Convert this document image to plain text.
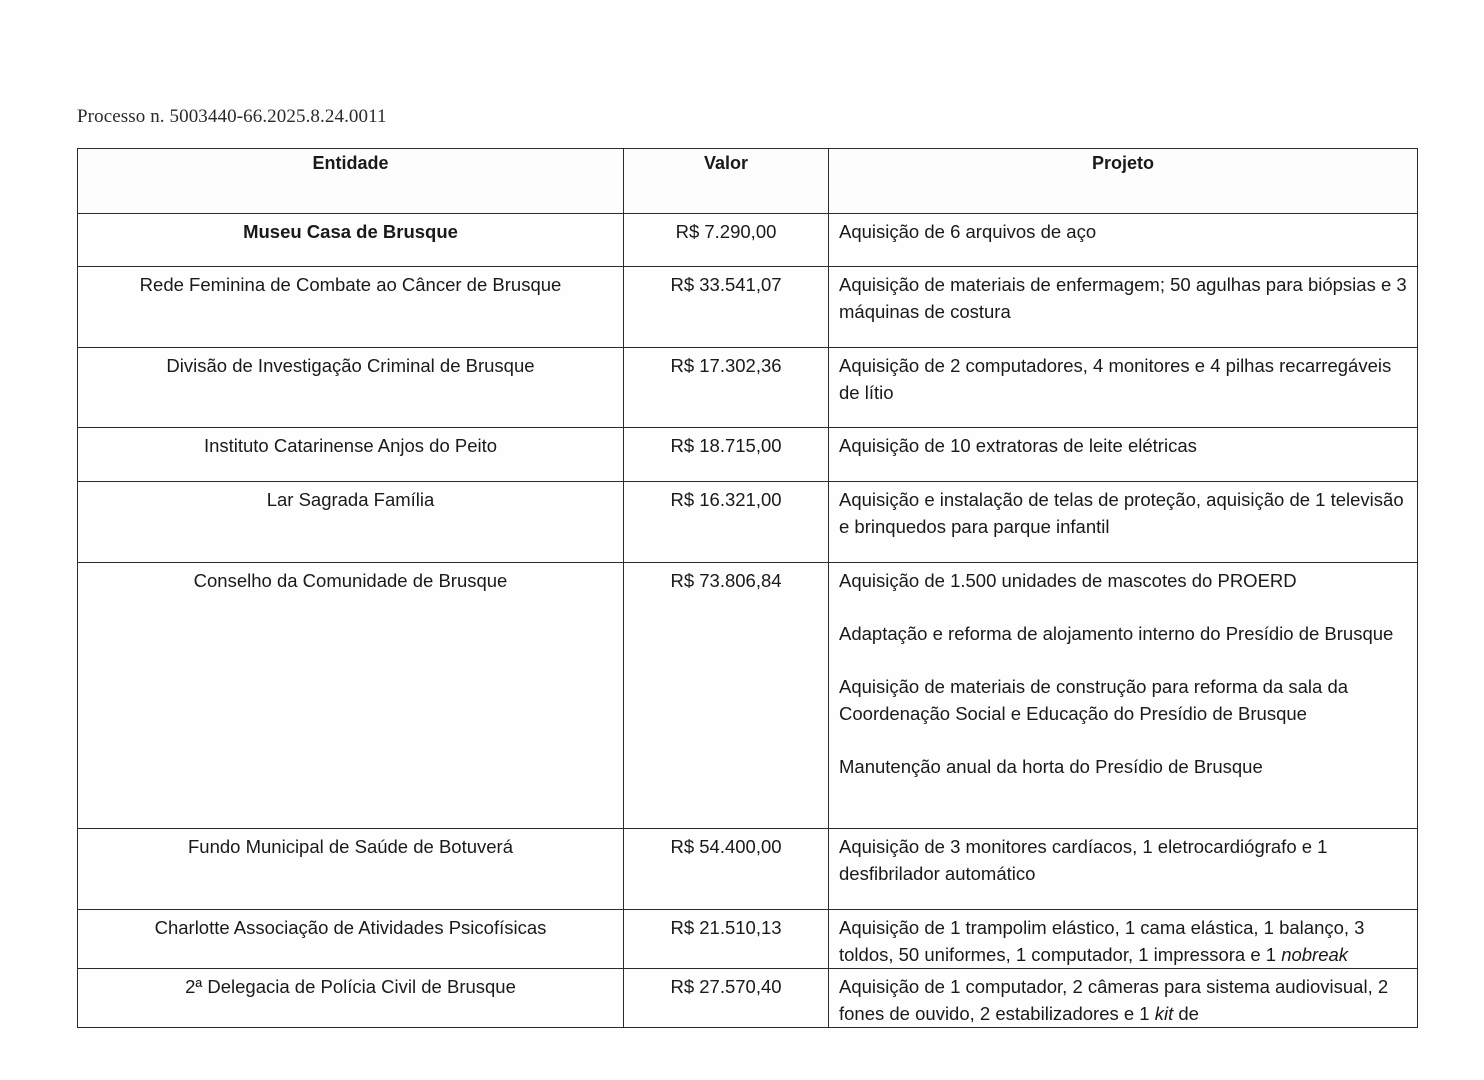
Processo n. 5003440-66.2025.8.24.0011
Entidade	Valor	Projeto

Museu Casa de Brusque	R$ 7.290,00	Aquisição de 6 arquivos de aço

Rede Feminina de Combate ao Câncer de Brusque	R$ 33.541,07	Aquisição de materiais de enfermagem; 50 agulhas para biópsias e 3 máquinas de costura

Divisão de Investigação Criminal de Brusque	R$ 17.302,36	Aquisição de 2 computadores, 4 monitores e 4 pilhas recarregáveis de lítio

Instituto Catarinense Anjos do Peito	R$ 18.715,00	Aquisição de 10 extratoras de leite elétricas

Lar Sagrada Família	R$ 16.321,00	Aquisição e instalação de telas de proteção, aquisição de 1 televisão e brinquedos para parque infantil

Conselho da Comunidade de Brusque	R$ 73.806,84	Aquisição de 1.500 unidades de mascotes do PROERD
Adaptação e reforma de alojamento interno do Presídio de Brusque
Aquisição de materiais de construção para reforma da sala da Coordenação Social e Educação do Presídio de Brusque
Manutenção anual da horta do Presídio de Brusque

Fundo Municipal de Saúde de Botuverá	R$ 54.400,00	Aquisição de 3 monitores cardíacos, 1 eletrocardiógrafo e 1 desfibrilador automático

Charlotte Associação de Atividades Psicofísicas	R$ 21.510,13	Aquisição de 1 trampolim elástico, 1 cama elástica, 1 balanço, 3 toldos, 50 uniformes, 1 computador, 1 impressora e 1 nobreak

2ª Delegacia de Polícia Civil de Brusque	R$ 27.570,40	Aquisição de 1 computador, 2 câmeras para sistema audiovisual, 2 fones de ouvido, 2 estabilizadores e 1 kit de
